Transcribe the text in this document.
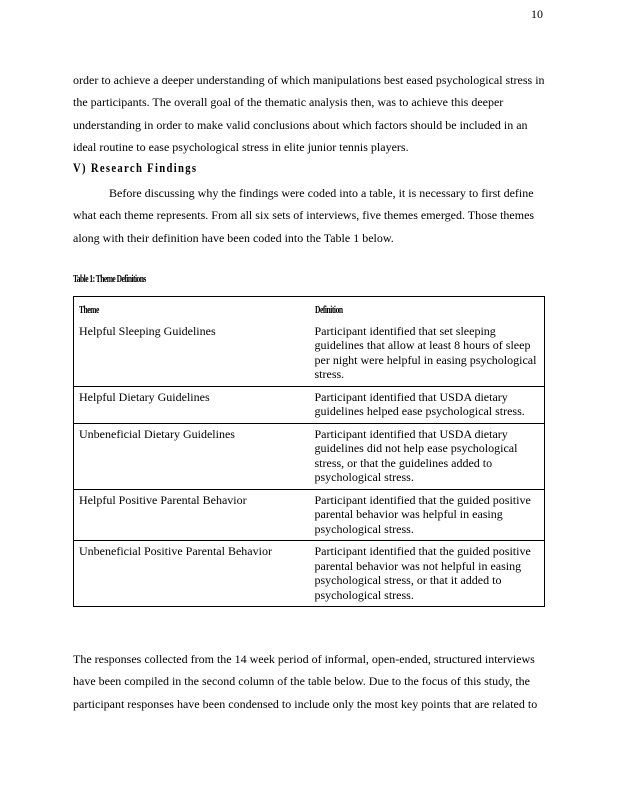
10
order to achieve a deeper understanding of which manipulations best eased psychological stress in the participants. The overall goal of the thematic analysis then, was to achieve this deeper understanding in order to make valid conclusions about which factors should be included in an ideal routine to ease psychological stress in elite junior tennis players.
V) Research Findings
Before discussing why the findings were coded into a table, it is necessary to first define what each theme represents. From all six sets of interviews, five themes emerged. Those themes along with their definition have been coded into the Table 1 below.
Table 1: Theme Definitions
Theme	Definition
Helpful Sleeping Guidelines	Participant identified that set sleeping guidelines that allow at least 8 hours of sleep per night were helpful in easing psychological stress.
Helpful Dietary Guidelines	Participant identified that USDA dietary guidelines helped ease psychological stress.
Unbeneficial Dietary Guidelines	Participant identified that USDA dietary guidelines did not help ease psychological stress, or that the guidelines added to psychological stress.
Helpful Positive Parental Behavior	Participant identified that the guided positive parental behavior was helpful in easing psychological stress.
Unbeneficial Positive Parental Behavior	Participant identified that the guided positive parental behavior was not helpful in easing psychological stress, or that it added to psychological stress.
The responses collected from the 14 week period of informal, open-ended, structured interviews have been compiled in the second column of the table below. Due to the focus of this study, the participant responses have been condensed to include only the most key points that are related to
